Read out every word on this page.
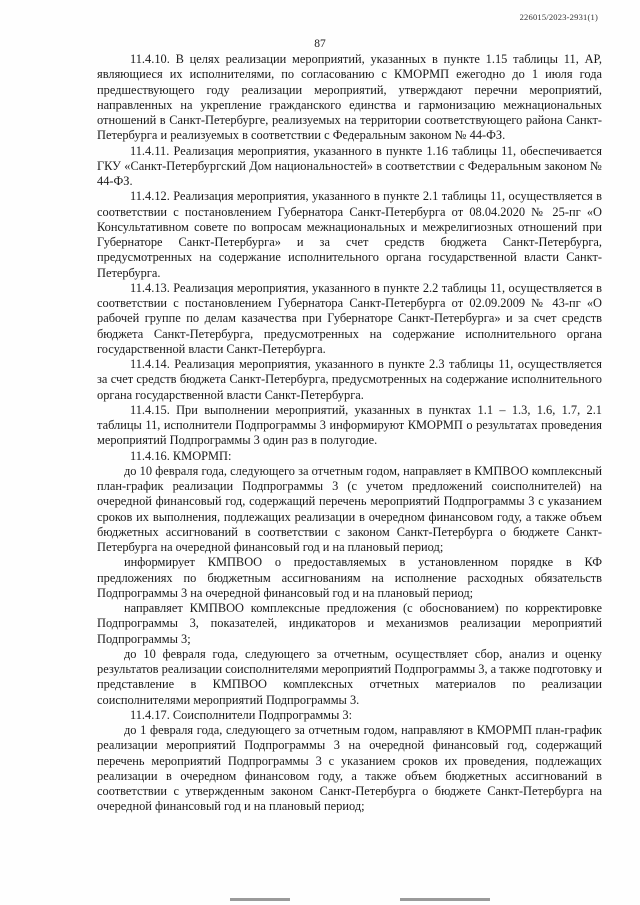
226015/2023-2931(1)
87

11.4.10. В целях реализации мероприятий, указанных в пункте 1.15 таблицы 11, АР, являющиеся их исполнителями, по согласованию с КМОРМП ежегодно до 1 июля года предшествующего году реализации мероприятий, утверждают перечни мероприятий, направленных на укрепление гражданского единства и гармонизацию межнациональных отношений в Санкт-Петербурге, реализуемых на территории соответствующего района Санкт-Петербурга и реализуемых в соответствии с Федеральным законом № 44-ФЗ.

11.4.11. Реализация мероприятия, указанного в пункте 1.16 таблицы 11, обеспечивается ГКУ «Санкт-Петербургский Дом национальностей» в соответствии с Федеральным законом № 44-ФЗ.

11.4.12. Реализация мероприятия, указанного в пункте 2.1 таблицы 11, осуществляется в соответствии с постановлением Губернатора Санкт-Петербурга от 08.04.2020 № 25-пг «О Консультативном совете по вопросам межнациональных и межрелигиозных отношений при Губернаторе Санкт-Петербурга» и за счет средств бюджета Санкт-Петербурга, предусмотренных на содержание исполнительного органа государственной власти Санкт-Петербурга.

11.4.13. Реализация мероприятия, указанного в пункте 2.2 таблицы 11, осуществляется в соответствии с постановлением Губернатора Санкт-Петербурга от 02.09.2009 № 43-пг «О рабочей группе по делам казачества при Губернаторе Санкт-Петербурга» и за счет средств бюджета Санкт-Петербурга, предусмотренных на содержание исполнительного органа государственной власти Санкт-Петербурга.

11.4.14. Реализация мероприятия, указанного в пункте 2.3 таблицы 11, осуществляется за счет средств бюджета Санкт-Петербурга, предусмотренных на содержание исполнительного органа государственной власти Санкт-Петербурга.

11.4.15. При выполнении мероприятий, указанных в пунктах 1.1 – 1.3, 1.6, 1.7, 2.1 таблицы 11, исполнители Подпрограммы 3 информируют КМОРМП о результатах проведения мероприятий Подпрограммы 3 один раз в полугодие.

11.4.16. КМОРМП:

до 10 февраля года, следующего за отчетным годом, направляет в КМПВОО комплексный план-график реализации Подпрограммы 3 (с учетом предложений соисполнителей) на очередной финансовый год, содержащий перечень мероприятий Подпрограммы 3 с указанием сроков их выполнения, подлежащих реализации в очередном финансовом году, а также объем бюджетных ассигнований в соответствии с законом Санкт-Петербурга о бюджете Санкт-Петербурга на очередной финансовый год и на плановый период;

информирует КМПВОО о предоставляемых в установленном порядке в КФ предложениях по бюджетным ассигнованиям на исполнение расходных обязательств Подпрограммы 3 на очередной финансовый год и на плановый период;

направляет КМПВОО комплексные предложения (с обоснованием) по корректировке Подпрограммы 3, показателей, индикаторов и механизмов реализации мероприятий Подпрограммы 3;

до 10 февраля года, следующего за отчетным, осуществляет сбор, анализ и оценку результатов реализации соисполнителями мероприятий Подпрограммы 3, а также подготовку и представление в КМПВОО комплексных отчетных материалов по реализации соисполнителями мероприятий Подпрограммы 3.

11.4.17. Соисполнители Подпрограммы 3:

до 1 февраля года, следующего за отчетным годом, направляют в КМОРМП план-график реализации мероприятий Подпрограммы 3 на очередной финансовый год, содержащий перечень мероприятий Подпрограммы 3 с указанием сроков их проведения, подлежащих реализации в очередном финансовом году, а также объем бюджетных ассигнований в соответствии с утвержденным законом Санкт-Петербурга о бюджете Санкт-Петербурга на очередной финансовый год и на плановый период;
